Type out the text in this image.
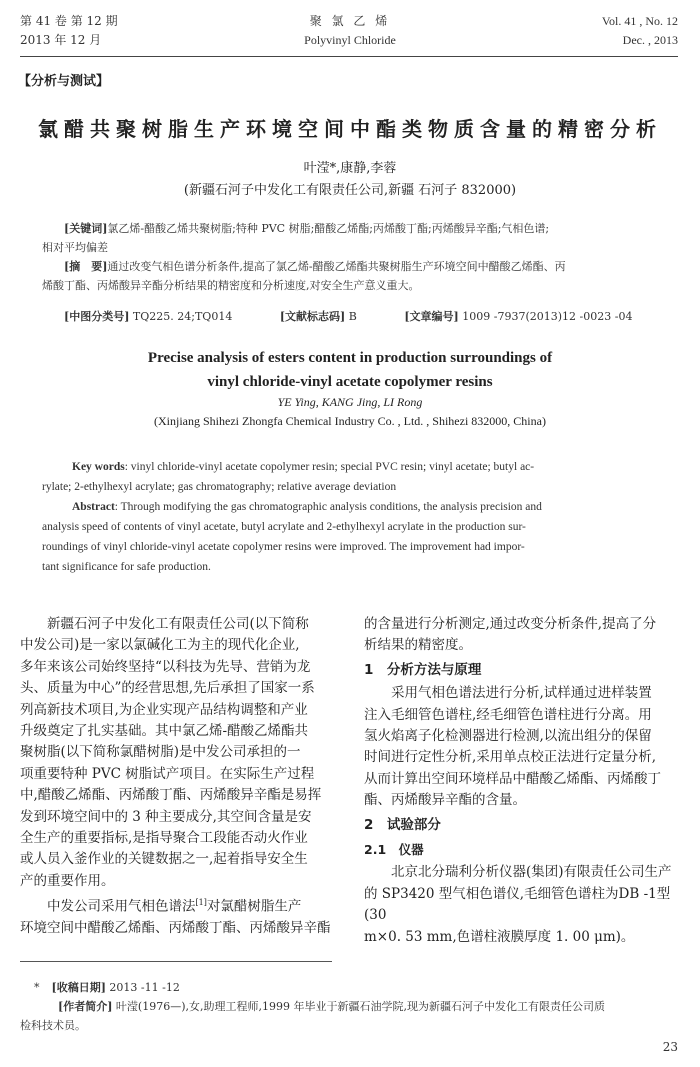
第 41 卷 第 12 期
2013 年 12 月
聚 氯 乙 烯
Polyvinyl Chloride
Vol. 41 , No. 12
Dec. , 2013
【分析与测试】
氯醋共聚树脂生产环境空间中酯类物质含量的精密分析
叶滢*,康静,李蓉
(新疆石河子中发化工有限责任公司,新疆 石河子 832000)
[关键词]氯乙烯-醋酸乙烯共聚树脂;特种 PVC 树脂;醋酸乙烯酯;丙烯酸丁酯;丙烯酸异辛酯;气相色谱;
相对平均偏差
[摘　要]通过改变气相色谱分析条件,提高了氯乙烯-醋酸乙烯酯共聚树脂生产环境空间中醋酸乙烯酯、丙
烯酸丁酯、丙烯酸异辛酯分析结果的精密度和分析速度,对安全生产意义重大。
[中图分类号] TQ225. 24;TQ014	[文献标志码] B	[文章编号] 1009 -7937(2013)12 -0023 -04
Precise analysis of esters content in production surroundings of
vinyl chloride-vinyl acetate copolymer resins
YE Ying, KANG Jing, LI Rong
(Xinjiang Shihezi Zhongfa Chemical Industry Co. , Ltd. , Shihezi 832000, China)
Key words: vinyl chloride-vinyl acetate copolymer resin; special PVC resin; vinyl acetate; butyl ac-
rylate; 2-ethylhexyl acrylate; gas chromatography; relative average deviation
Abstract: Through modifying the gas chromatographic analysis conditions, the analysis precision and
analysis speed of contents of vinyl acetate, butyl acrylate and 2-ethylhexyl acrylate in the production sur-
roundings of vinyl chloride-vinyl acetate copolymer resins were improved. The improvement had impor-
tant significance for safe production.
　　新疆石河子中发化工有限责任公司(以下简称
中发公司)是一家以氯碱化工为主的现代化企业,
多年来该公司始终坚持“以科技为先导、营销为龙
头、质量为中心”的经营思想,先后承担了国家一系
列高新技术项目,为企业实现产品结构调整和产业
升级奠定了扎实基础。其中氯乙烯-醋酸乙烯酯共
聚树脂(以下简称氯醋树脂)是中发公司承担的一
项重要特种 PVC 树脂试产项目。在实际生产过程
中,醋酸乙烯酯、丙烯酸丁酯、丙烯酸异辛酯是易挥
发到环境空间中的 3 种主要成分,其空间含量是安
全生产的重要指标,是指导聚合工段能否动火作业
或人员入釜作业的关键数据之一,起着指导安全生
产的重要作用。
　　中发公司采用气相色谱法[1]对氯醋树脂生产
环境空间中醋酸乙烯酯、丙烯酸丁酯、丙烯酸异辛酯
的含量进行分析测定,通过改变分析条件,提高了分
析结果的精密度。
1　分析方法与原理
　　采用气相色谱法进行分析,试样通过进样装置
注入毛细管色谱柱,经毛细管色谱柱进行分离。用
氢火焰离子化检测器进行检测,以流出组分的保留
时间进行定性分析,采用单点校正法进行定量分析,
从而计算出空间环境样品中醋酸乙烯酯、丙烯酸丁
酯、丙烯酸异辛酯的含量。
2　试验部分
2.1　仪器
　　北京北分瑞利分析仪器(集团)有限责任公司生产
的 SP3420 型气相色谱仪,毛细管色谱柱为DB -1型(30
m×0. 53 mm,色谱柱液膜厚度 1. 00 μm)。
* [收稿日期] 2013 -11 -12
[作者简介] 叶滢(1976—),女,助理工程师,1999 年毕业于新疆石油学院,现为新疆石河子中发化工有限责任公司质
检科技术员。
23
